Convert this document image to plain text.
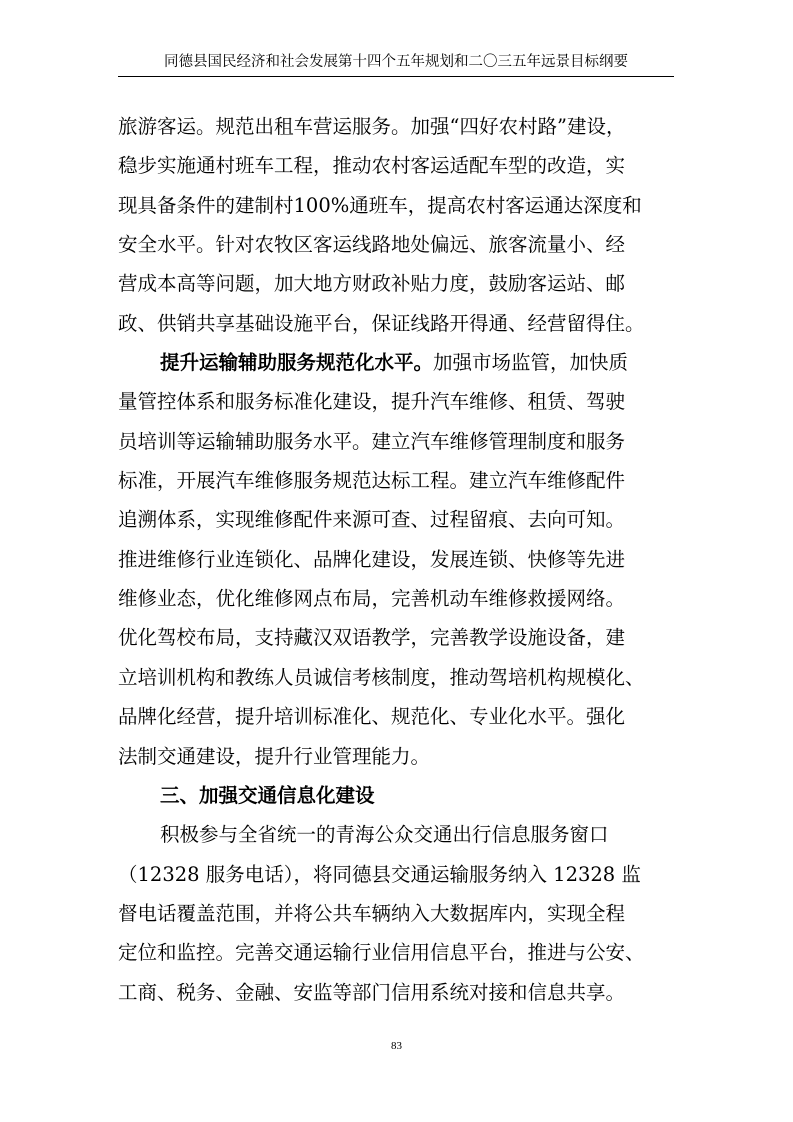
同德县国民经济和社会发展第十四个五年规划和二〇三五年远景目标纲要
旅游客运。规范出租车营运服务。加强“四好农村路”建设，
稳步实施通村班车工程，推动农村客运适配车型的改造，实
现具备条件的建制村100%通班车，提高农村客运通达深度和
安全水平。针对农牧区客运线路地处偏远、旅客流量小、经
营成本高等问题，加大地方财政补贴力度，鼓励客运站、邮
政、供销共享基础设施平台，保证线路开得通、经营留得住。
提升运输辅助服务规范化水平。加强市场监管，加快质
量管控体系和服务标准化建设，提升汽车维修、租赁、驾驶
员培训等运输辅助服务水平。建立汽车维修管理制度和服务
标准，开展汽车维修服务规范达标工程。建立汽车维修配件
追溯体系，实现维修配件来源可查、过程留痕、去向可知。
推进维修行业连锁化、品牌化建设，发展连锁、快修等先进
维修业态，优化维修网点布局，完善机动车维修救援网络。
优化驾校布局，支持藏汉双语教学，完善教学设施设备，建
立培训机构和教练人员诚信考核制度，推动驾培机构规模化、
品牌化经营，提升培训标准化、规范化、专业化水平。强化
法制交通建设，提升行业管理能力。
三、加强交通信息化建设
积极参与全省统一的青海公众交通出行信息服务窗口
（12328 服务电话），将同德县交通运输服务纳入 12328 监
督电话覆盖范围，并将公共车辆纳入大数据库内，实现全程
定位和监控。完善交通运输行业信用信息平台，推进与公安、
工商、税务、金融、安监等部门信用系统对接和信息共享。
83
